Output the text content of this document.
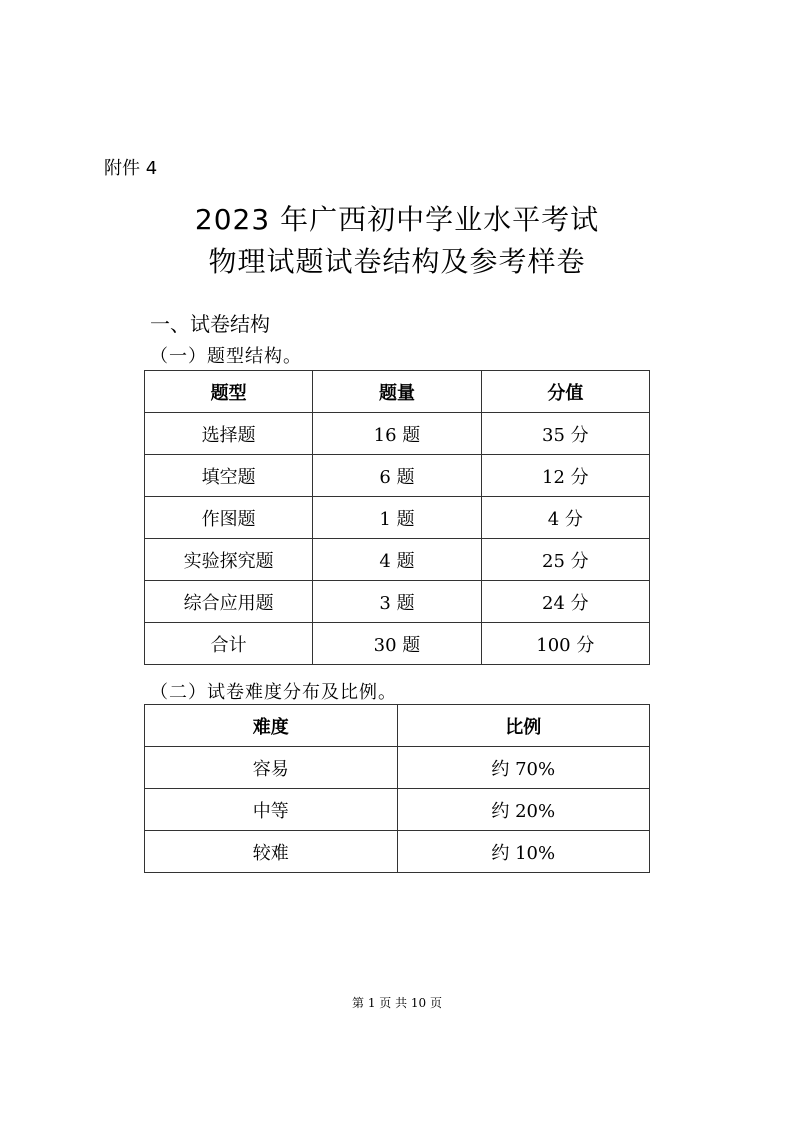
附件 4
2023 年广西初中学业水平考试
物理试题试卷结构及参考样卷
一、试卷结构
（一）题型结构。
题型	题量	分值
选择题	16 题	35 分
填空题	6 题	12 分
作图题	1 题	4 分
实验探究题	4 题	25 分
综合应用题	3 题	24 分
合计	30 题	100 分
（二）试卷难度分布及比例。
难度	比例
容易	约 70%
中等	约 20%
较难	约 10%
第 1 页 共 10 页
